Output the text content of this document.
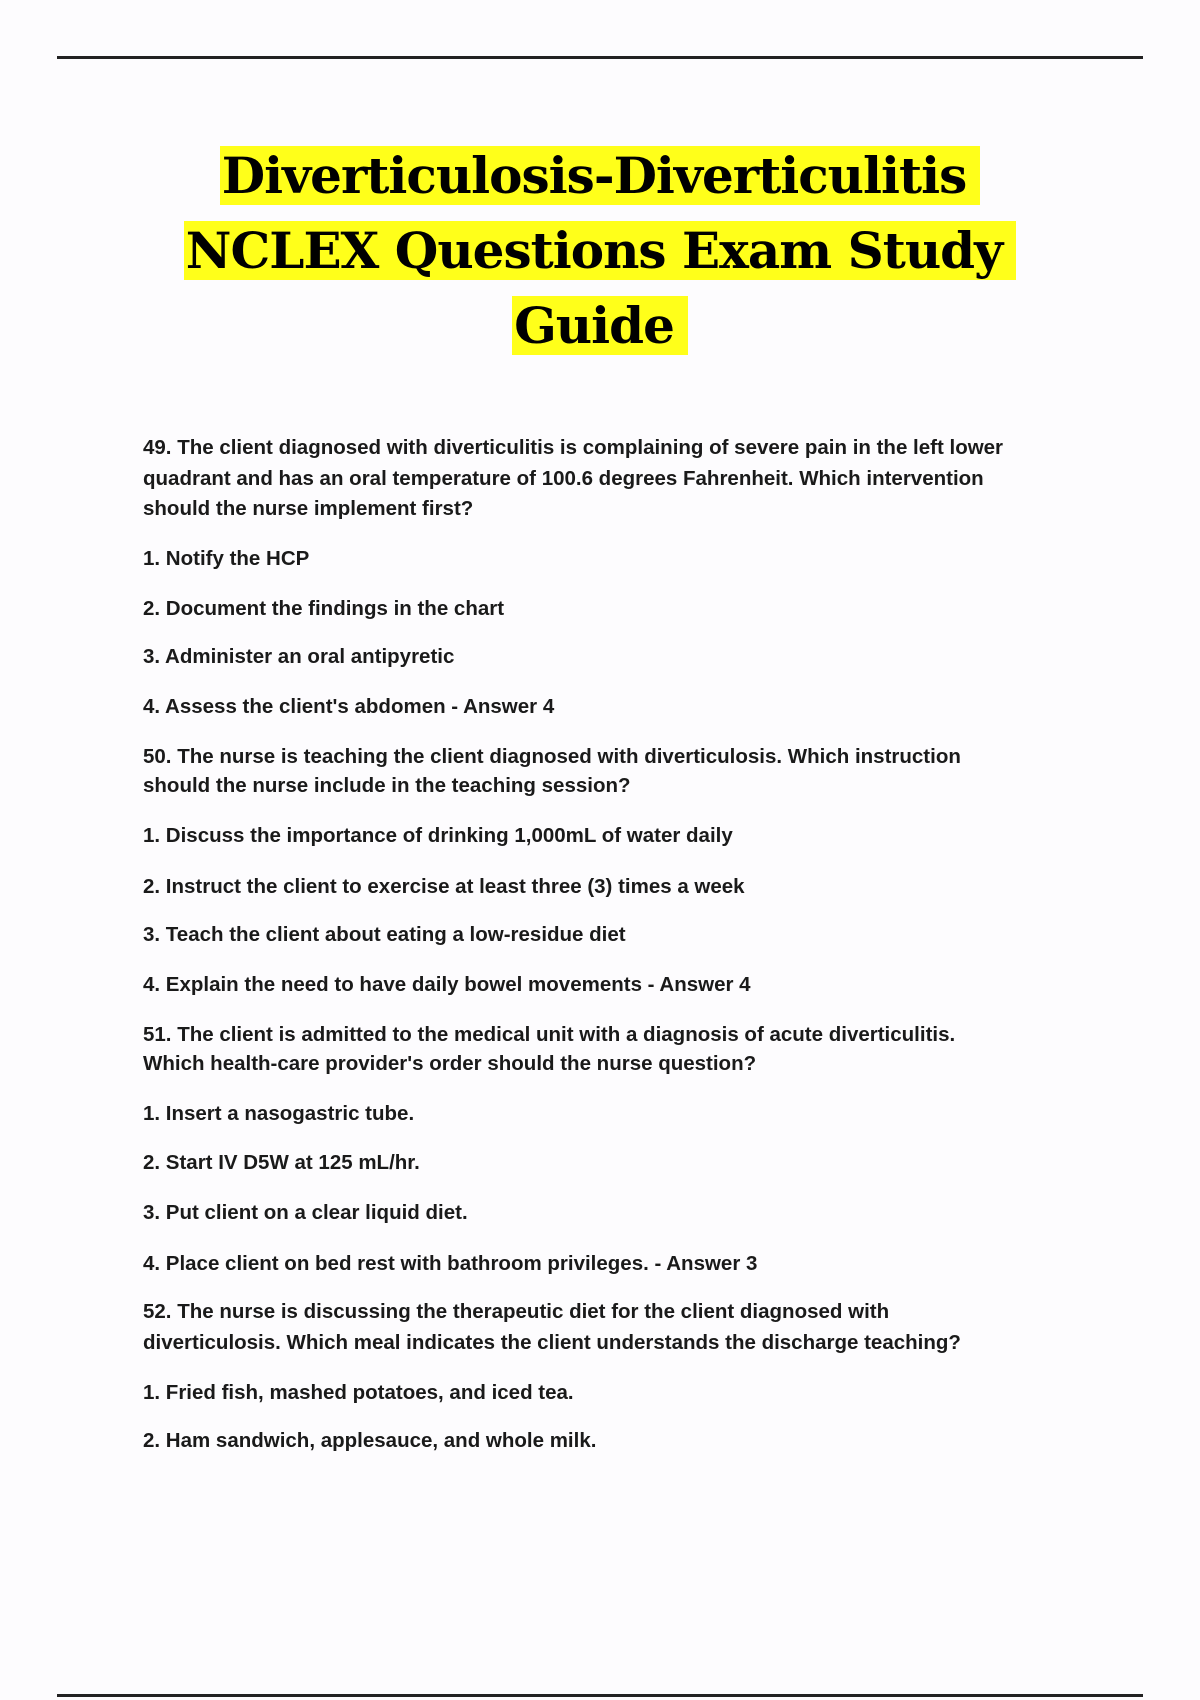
Diverticulosis-Diverticulitis
NCLEX Questions Exam Study
Guide
49. The client diagnosed with diverticulitis is complaining of severe pain in the left lower
quadrant and has an oral temperature of 100.6 degrees Fahrenheit. Which intervention
should the nurse implement first?
1. Notify the HCP
2. Document the findings in the chart
3. Administer an oral antipyretic
4. Assess the client's abdomen - Answer 4
50. The nurse is teaching the client diagnosed with diverticulosis. Which instruction
should the nurse include in the teaching session?
1. Discuss the importance of drinking 1,000mL of water daily
2. Instruct the client to exercise at least three (3) times a week
3. Teach the client about eating a low-residue diet
4. Explain the need to have daily bowel movements - Answer 4
51. The client is admitted to the medical unit with a diagnosis of acute diverticulitis.
Which health-care provider's order should the nurse question?
1. Insert a nasogastric tube.
2. Start IV D5W at 125 mL/hr.
3. Put client on a clear liquid diet.
4. Place client on bed rest with bathroom privileges. - Answer 3
52. The nurse is discussing the therapeutic diet for the client diagnosed with
diverticulosis. Which meal indicates the client understands the discharge teaching?
1. Fried fish, mashed potatoes, and iced tea.
2. Ham sandwich, applesauce, and whole milk.
